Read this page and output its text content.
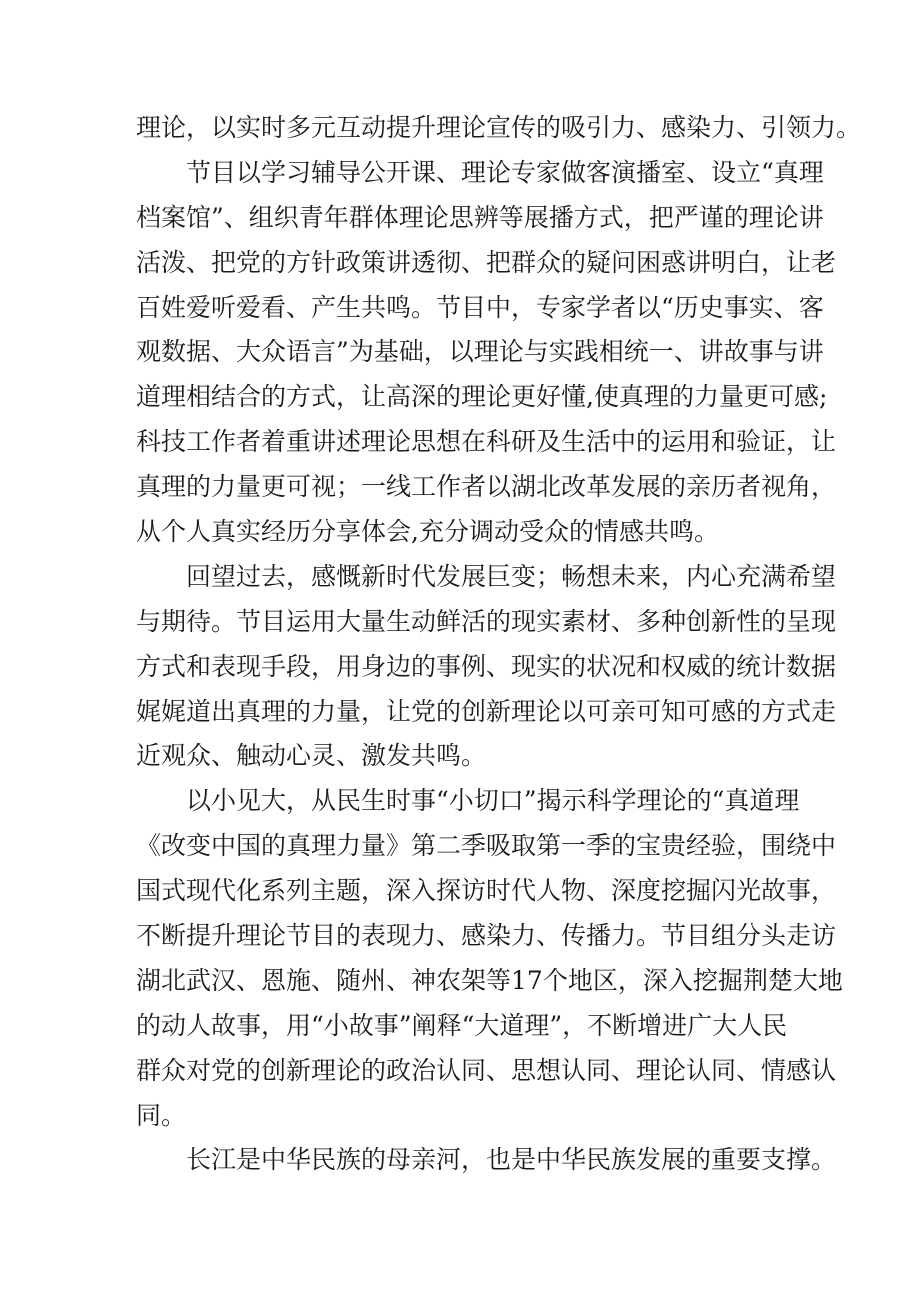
理论，以实时多元互动提升理论宣传的吸引力、感染力、引领力。
节目以学习辅导公开课、理论专家做客演播室、设立“真理
档案馆”、组织青年群体理论思辨等展播方式，把严谨的理论讲
活泼、把党的方针政策讲透彻、把群众的疑问困惑讲明白，让老
百姓爱听爱看、产生共鸣。节目中，专家学者以“历史事实、客
观数据、大众语言”为基础，以理论与实践相统一、讲故事与讲
道理相结合的方式，让高深的理论更好懂,使真理的力量更可感;
科技工作者着重讲述理论思想在科研及生活中的运用和验证，让
真理的力量更可视；一线工作者以湖北改革发展的亲历者视角，
从个人真实经历分享体会,充分调动受众的情感共鸣。
回望过去，感慨新时代发展巨变；畅想未来，内心充满希望
与期待。节目运用大量生动鲜活的现实素材、多种创新性的呈现
方式和表现手段，用身边的事例、现实的状况和权威的统计数据
娓娓道出真理的力量，让党的创新理论以可亲可知可感的方式走
近观众、触动心灵、激发共鸣。
以小见大，从民生时事“小切口”揭示科学理论的“真道理
《改变中国的真理力量》第二季吸取第一季的宝贵经验，围绕中
国式现代化系列主题，深入探访时代人物、深度挖掘闪光故事，
不断提升理论节目的表现力、感染力、传播力。节目组分头走访
湖北武汉、恩施、随州、神农架等17个地区，深入挖掘荆楚大地
的动人故事，用“小故事”阐释“大道理”，不断增进广大人民
群众对党的创新理论的政治认同、思想认同、理论认同、情感认
同。
长江是中华民族的母亲河，也是中华民族发展的重要支撑。
